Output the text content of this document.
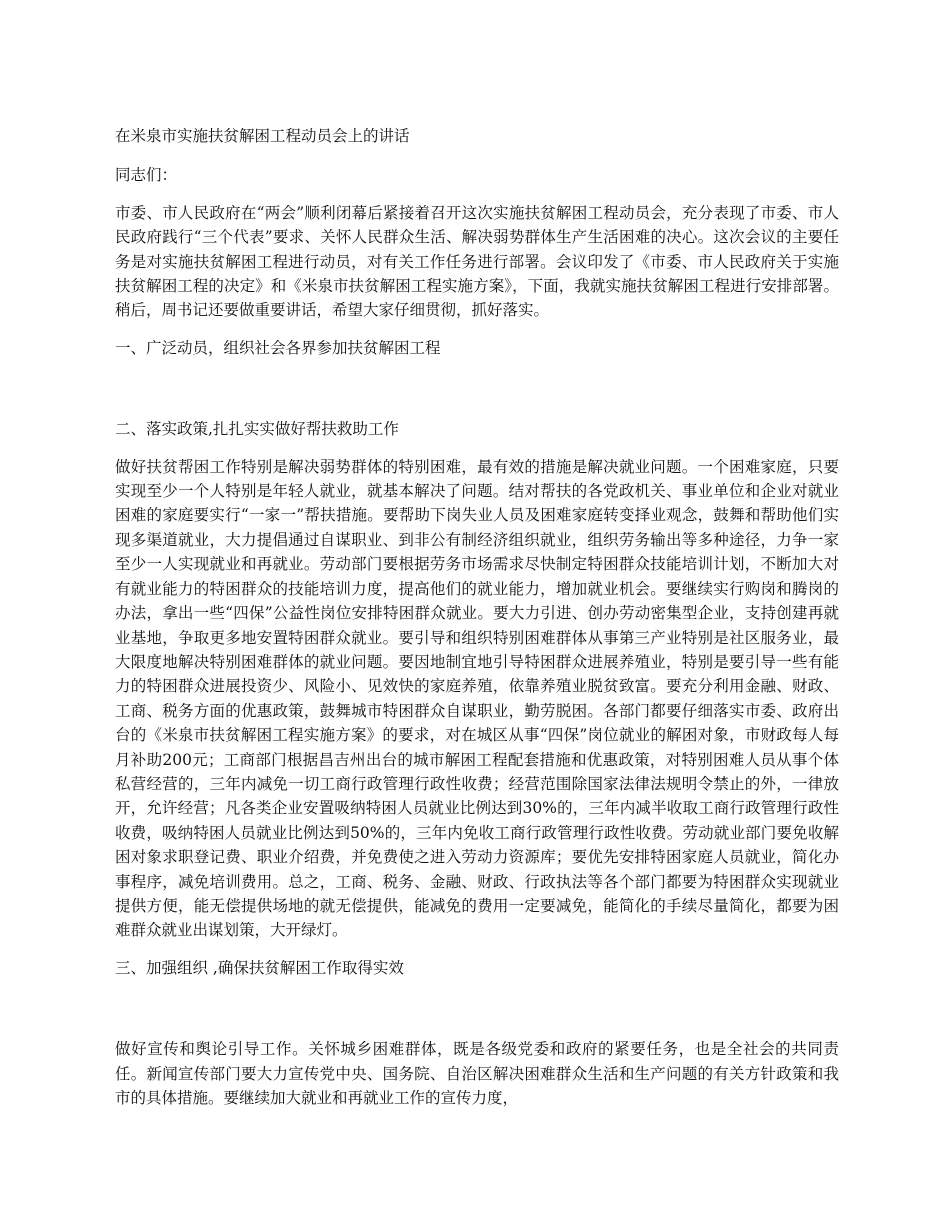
在米泉市实施扶贫解困工程动员会上的讲话

同志们：

市委、市人民政府在“两会”顺利闭幕后紧接着召开这次实施扶贫解困工程动员会，充分表现了市委、市人民政府践行“三个代表”要求、关怀人民群众生活、解决弱势群体生产生活困难的决心。这次会议的主要任务是对实施扶贫解困工程进行动员，对有关工作任务进行部署。会议印发了《市委、市人民政府关于实施扶贫解困工程的决定》和《米泉市扶贫解困工程实施方案》，下面，我就实施扶贫解困工程进行安排部署。稍后，周书记还要做重要讲话，希望大家仔细贯彻，抓好落实。

一、广泛动员，组织社会各界参加扶贫解困工程

二、落实政策,扎扎实实做好帮扶救助工作

做好扶贫帮困工作特别是解决弱势群体的特别困难，最有效的措施是解决就业问题。一个困难家庭，只要实现至少一个人特别是年轻人就业，就基本解决了问题。结对帮扶的各党政机关、事业单位和企业对就业困难的家庭要实行“一家一”帮扶措施。要帮助下岗失业人员及困难家庭转变择业观念，鼓舞和帮助他们实现多渠道就业，大力提倡通过自谋职业、到非公有制经济组织就业，组织劳务输出等多种途径，力争一家至少一人实现就业和再就业。劳动部门要根据劳务市场需求尽快制定特困群众技能培训计划，不断加大对有就业能力的特困群众的技能培训力度，提高他们的就业能力，增加就业机会。要继续实行购岗和腾岗的办法，拿出一些“四保”公益性岗位安排特困群众就业。要大力引进、创办劳动密集型企业，支持创建再就业基地，争取更多地安置特困群众就业。要引导和组织特别困难群体从事第三产业特别是社区服务业，最大限度地解决特别困难群体的就业问题。要因地制宜地引导特困群众进展养殖业，特别是要引导一些有能力的特困群众进展投资少、风险小、见效快的家庭养殖，依靠养殖业脱贫致富。要充分利用金融、财政、工商、税务方面的优惠政策，鼓舞城市特困群众自谋职业，勤劳脱困。各部门都要仔细落实市委、政府出台的《米泉市扶贫解困工程实施方案》的要求，对在城区从事“四保”岗位就业的解困对象，市财政每人每月补助200元；工商部门根据昌吉州出台的城市解困工程配套措施和优惠政策，对特别困难人员从事个体私营经营的，三年内减免一切工商行政管理行政性收费；经营范围除国家法律法规明令禁止的外，一律放开，允许经营；凡各类企业安置吸纳特困人员就业比例达到30%的，三年内减半收取工商行政管理行政性收费，吸纳特困人员就业比例达到50%的，三年内免收工商行政管理行政性收费。劳动就业部门要免收解困对象求职登记费、职业介绍费，并免费使之进入劳动力资源库；要优先安排特困家庭人员就业，简化办事程序，减免培训费用。总之，工商、税务、金融、财政、行政执法等各个部门都要为特困群众实现就业提供方便，能无偿提供场地的就无偿提供，能减免的费用一定要减免，能简化的手续尽量简化，都要为困难群众就业出谋划策，大开绿灯。

三、加强组织 ,确保扶贫解困工作取得实效

做好宣传和舆论引导工作。关怀城乡困难群体，既是各级党委和政府的紧要任务，也是全社会的共同责任。新闻宣传部门要大力宣传党中央、国务院、自治区解决困难群众生活和生产问题的有关方针政策和我市的具体措施。要继续加大就业和再就业工作的宣传力度，
